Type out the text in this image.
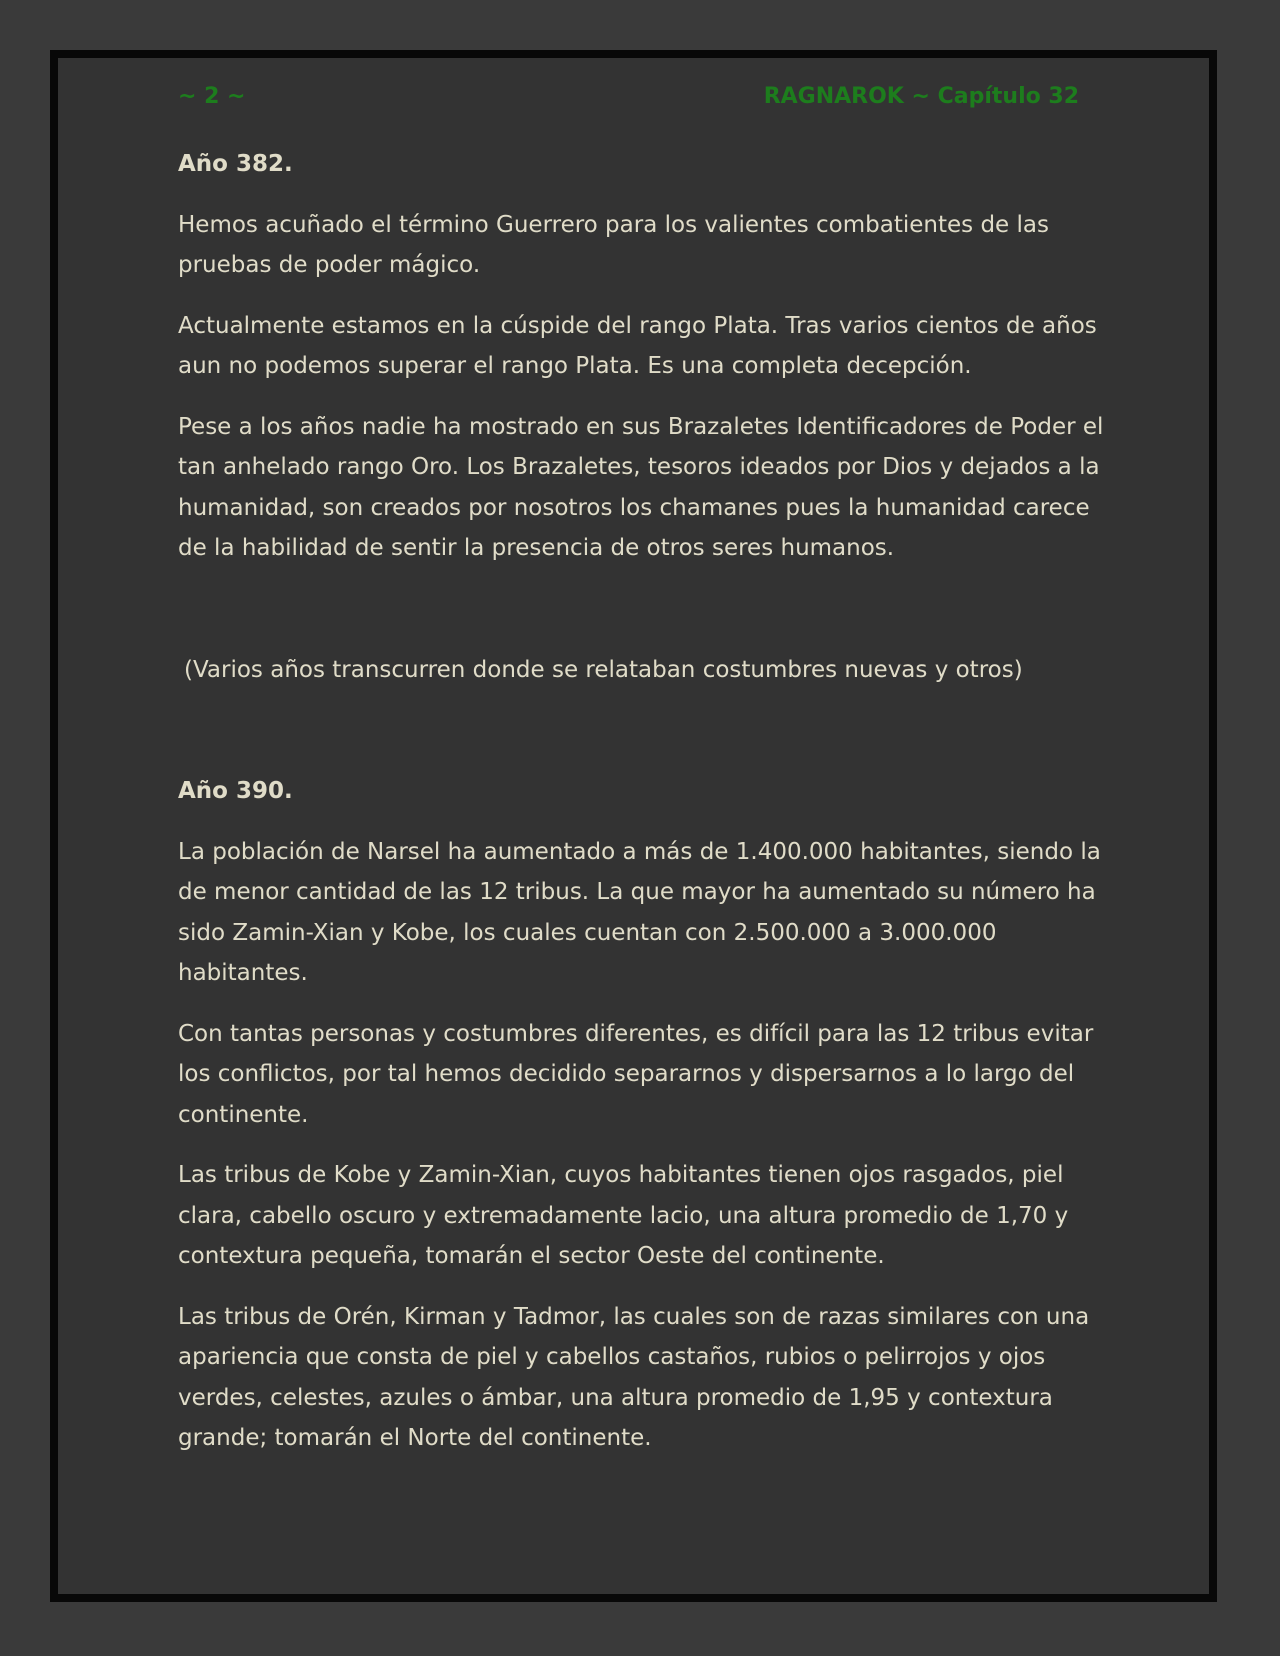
~ 2 ~	RAGNAROK ~ Capítulo 32

Año 382.

Hemos acuñado el término Guerrero para los valientes combatientes de las pruebas de poder mágico.

Actualmente estamos en la cúspide del rango Plata. Tras varios cientos de años aun no podemos superar el rango Plata. Es una completa decepción.

Pese a los años nadie ha mostrado en sus Brazaletes Identificadores de Poder el tan anhelado rango Oro. Los Brazaletes, tesoros ideados por Dios y dejados a la humanidad, son creados por nosotros los chamanes pues la humanidad carece de la habilidad de sentir la presencia de otros seres humanos.

(Varios años transcurren donde se relataban costumbres nuevas y otros)

Año 390.

La población de Narsel ha aumentado a más de 1.400.000 habitantes, siendo la de menor cantidad de las 12 tribus. La que mayor ha aumentado su número ha sido Zamin-Xian y Kobe, los cuales cuentan con 2.500.000 a 3.000.000 habitantes.

Con tantas personas y costumbres diferentes, es difícil para las 12 tribus evitar los conflictos, por tal hemos decidido separarnos y dispersarnos a lo largo del continente.

Las tribus de Kobe y Zamin-Xian, cuyos habitantes tienen ojos rasgados, piel clara, cabello oscuro y extremadamente lacio, una altura promedio de 1,70 y contextura pequeña, tomarán el sector Oeste del continente.

Las tribus de Orén, Kirman y Tadmor, las cuales son de razas similares con una apariencia que consta de piel y cabellos castaños, rubios o pelirrojos y ojos verdes, celestes, azules o ámbar, una altura promedio de 1,95 y contextura grande; tomarán el Norte del continente.
